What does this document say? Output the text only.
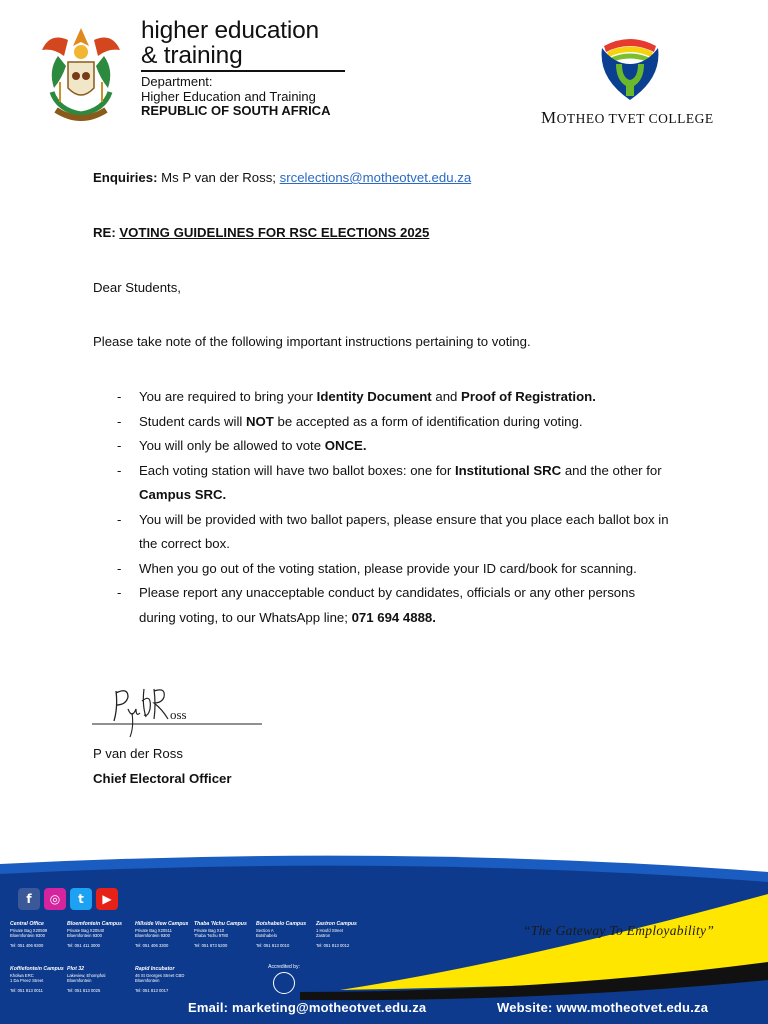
higher education
& training
Department:
Higher Education and Training
REPUBLIC OF SOUTH AFRICA	MOTHEO TVET COLLEGE
Enquiries: Ms P van der Ross; srcelections@motheotvet.edu.za
RE: VOTING GUIDELINES FOR RSC ELECTIONS 2025
Dear Students,
Please take note of the following important instructions pertaining to voting.
- You are required to bring your Identity Document and Proof of Registration.
- Student cards will NOT be accepted as a form of identification during voting.
- You will only be allowed to vote ONCE.
- Each voting station will have two ballot boxes: one for Institutional SRC and the other for Campus SRC.
- You will be provided with two ballot papers, please ensure that you place each ballot box in the correct box.
- When you go out of the voting station, please provide your ID card/book for scanning.
- Please report any unacceptable conduct by candidates, officials or any other persons during voting, to our WhatsApp line; 071 694 4888.
oss
P van der Ross
Chief Electoral Officer
f	◎	t	▶
Central Office
Private Bag X20509
Bloemfontein 9300

Tel: 051 406 9300
Bloemfontein Campus
Private Bag X20540
Bloemfontein 9300

Tel: 051 411 3000
Hillside View Campus
Private Bag X20511
Bloemfontein 9300

Tel: 051 406 3300
Thaba 'Nchu Campus
Private Bag X10
Thaba 'Nchu 9780

Tel: 051 873 5200
Botshabelo Campus
Section A
Botshabelo

Tel: 051 813 0010
Zastron Campus
1 Hoofd Street
Zastron

Tel: 051 813 0012
Koffiefontein Campus
Kholwa ERC
1 Da Preez Street

Tel: 051 813 0011
Plot 32
Lakeview, Ehompfuti
Bloemfontein

Tel: 051 813 0025
Rapid Incubator
46 St Georges Street CBD
Bloemfontein

Tel: 051 813 0017
Accredited by:
“The Gateway To Employability”
Email: marketing@motheotvet.edu.za	Website: www.motheotvet.edu.za
